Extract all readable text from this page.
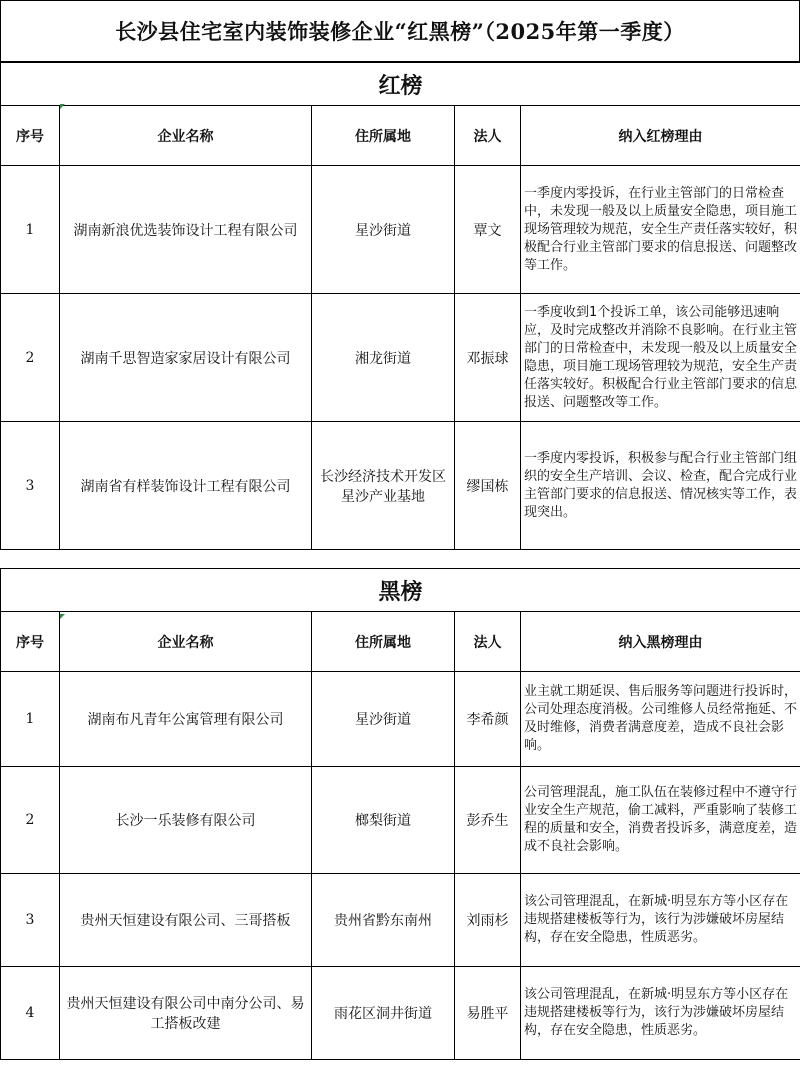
长沙县住宅室内装饰装修企业“红黑榜”（2025年第一季度）
红榜				
序号	企业名称	住所属地	法人	纳入红榜理由
1	湖南新浪优选装饰设计工程有限公司	星沙街道	覃文	一季度内零投诉，在行业主管部门的日常检查中，未发现一般及以上质量安全隐患，项目施工现场管理较为规范，安全生产责任落实较好，积极配合行业主管部门要求的信息报送、问题整改等工作。
2	湖南千思智造家家居设计有限公司	湘龙街道	邓振球	一季度收到1个投诉工单，该公司能够迅速响应，及时完成整改并消除不良影响。在行业主管部门的日常检查中，未发现一般及以上质量安全隐患，项目施工现场管理较为规范，安全生产责任落实较好。积极配合行业主管部门要求的信息报送、问题整改等工作。
3	湖南省有样装饰设计工程有限公司	长沙经济技术开发区星沙产业基地	缪国栋	一季度内零投诉，积极参与配合行业主管部门组织的安全生产培训、会议、检查，配合完成行业主管部门要求的信息报送、情况核实等工作，表现突出。
黑榜				
序号	企业名称	住所属地	法人	纳入黑榜理由
1	湖南布凡青年公寓管理有限公司	星沙街道	李希颜	业主就工期延误、售后服务等问题进行投诉时，公司处理态度消极。公司维修人员经常拖延、不及时维修，消费者满意度差，造成不良社会影响。
2	长沙一乐装修有限公司	榔梨街道	彭乔生	公司管理混乱，施工队伍在装修过程中不遵守行业安全生产规范，偷工减料，严重影响了装修工程的质量和安全，消费者投诉多，满意度差，造成不良社会影响。
3	贵州天恒建设有限公司、三哥搭板	贵州省黔东南州	刘雨杉	该公司管理混乱，在新城·明昱东方等小区存在违规搭建楼板等行为，该行为涉嫌破坏房屋结构，存在安全隐患，性质恶劣。
4	贵州天恒建设有限公司中南分公司、易工搭板改建	雨花区洞井街道	易胜平	该公司管理混乱，在新城·明昱东方等小区存在违规搭建楼板等行为，该行为涉嫌破坏房屋结构，存在安全隐患，性质恶劣。
